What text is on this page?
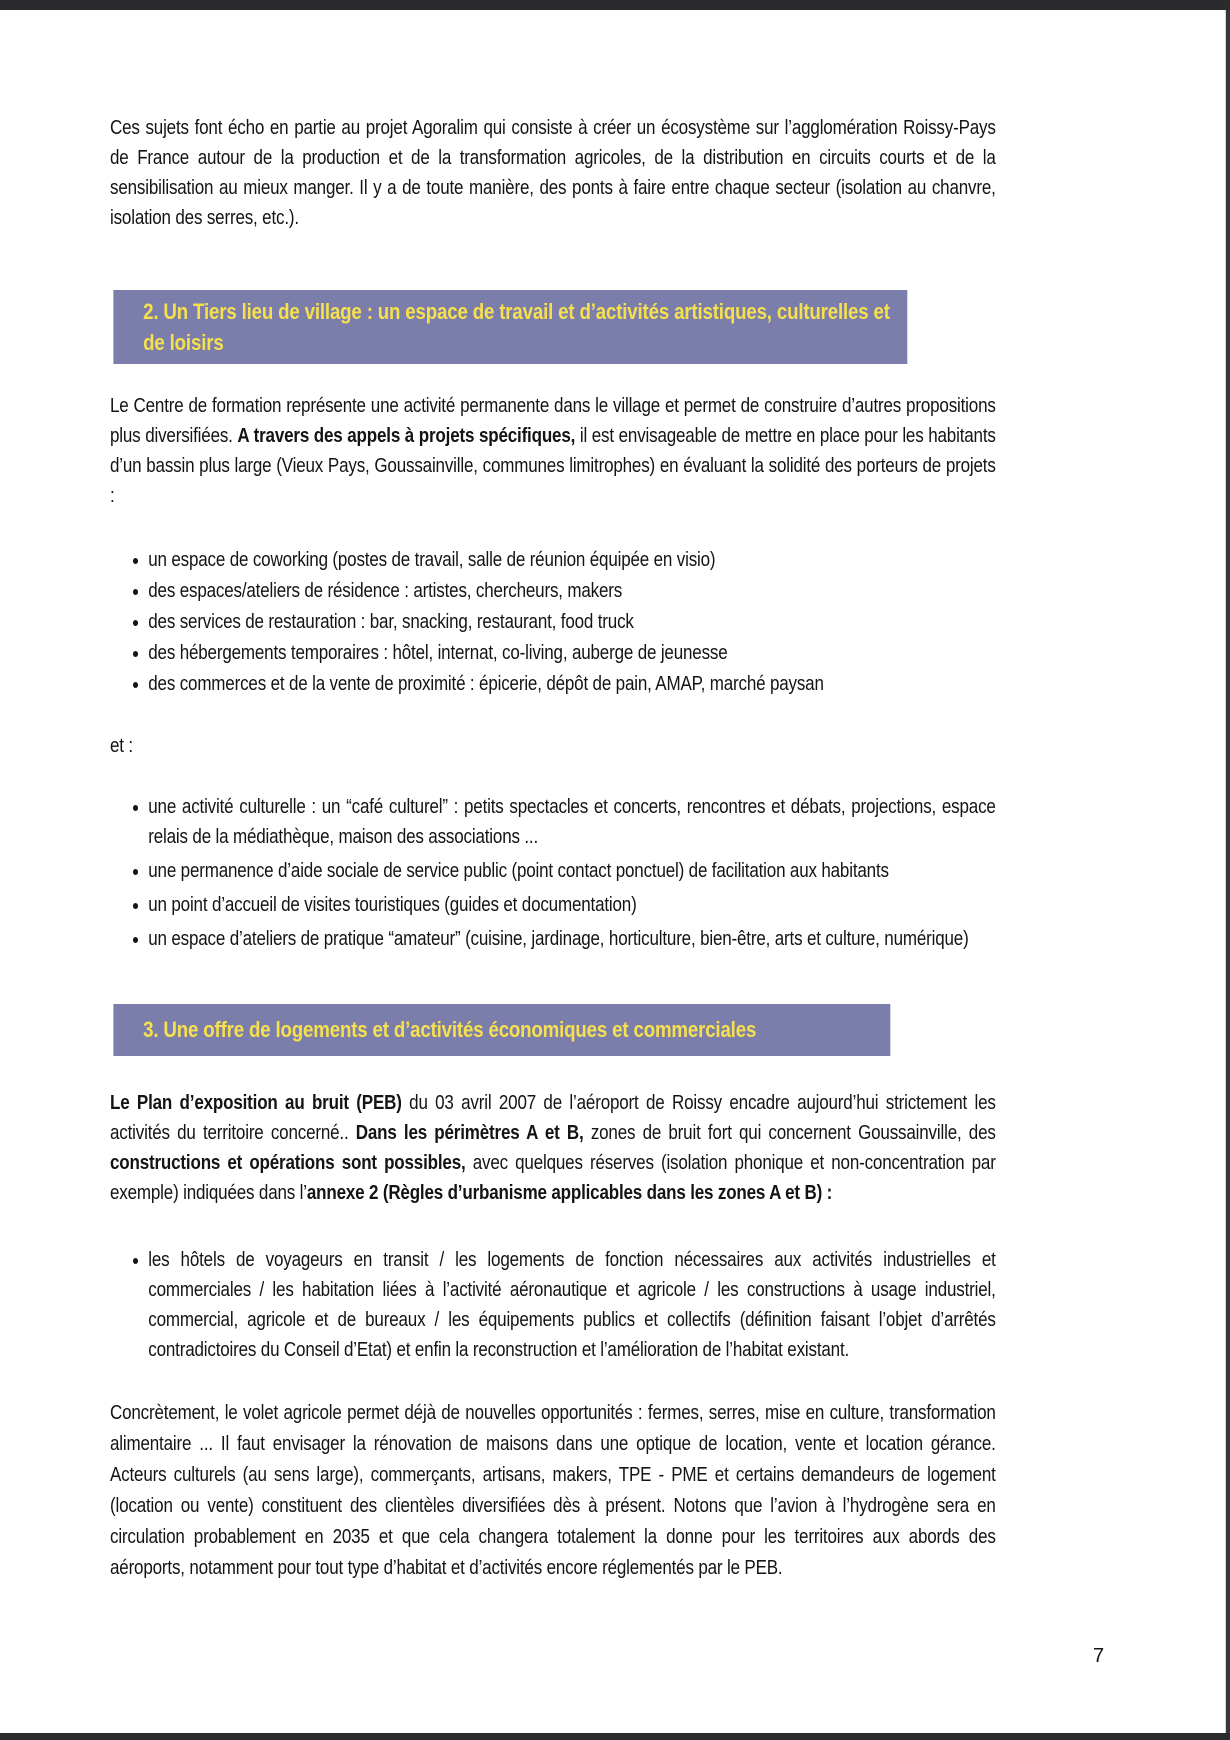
Ces sujets font écho en partie au projet Agoralim qui consiste à créer un écosystème sur l’agglomération Roissy-Pays de France autour de la production et de la transformation agricoles, de la distribution en circuits courts et de la sensibilisation au mieux manger. Il y a de toute manière, des ponts à faire entre chaque secteur (isolation au chanvre, isolation des serres, etc.).

2. Un Tiers lieu de village : un espace de travail et d’activités artistiques, culturelles et de loisirs

Le Centre de formation représente une activité permanente dans le village et permet de construire d’autres propositions plus diversifiées. A travers des appels à projets spécifiques, il est envisageable de mettre en place pour les habitants d’un bassin plus large (Vieux Pays, Goussainville, communes limitrophes) en évaluant la solidité des porteurs de projets :

• un espace de coworking (postes de travail, salle de réunion équipée en visio)
• des espaces/ateliers de résidence : artistes, chercheurs, makers
• des services de restauration : bar, snacking, restaurant, food truck
• des hébergements temporaires : hôtel, internat, co-living, auberge de jeunesse
• des commerces et de la vente de proximité : épicerie, dépôt de pain, AMAP, marché paysan

et :

• une activité culturelle : un “café culturel” : petits spectacles et concerts, rencontres et débats, projections, espace relais de la médiathèque, maison des associations ...
• une permanence d’aide sociale de service public (point contact ponctuel) de facilitation aux habitants
• un point d’accueil de visites touristiques (guides et documentation)
• un espace d’ateliers de pratique “amateur” (cuisine, jardinage, horticulture, bien-être, arts et culture, numérique)
3. Une offre de logements et d’activités économiques et commerciales

Le Plan d’exposition au bruit (PEB) du 03 avril 2007 de l’aéroport de Roissy encadre aujourd’hui strictement les activités du territoire concerné.. Dans les périmètres A et B, zones de bruit fort qui concernent Goussainville, des constructions et opérations sont possibles, avec quelques réserves (isolation phonique et non-concentration par exemple) indiquées dans l’annexe 2 (Règles d’urbanisme applicables dans les zones A et B) :

• les hôtels de voyageurs en transit / les logements de fonction nécessaires aux activités industrielles et commerciales / les habitation liées à l’activité aéronautique et agricole / les constructions à usage industriel, commercial, agricole et de bureaux / les équipements publics et collectifs (définition faisant l’objet d’arrêtés contradictoires du Conseil d’Etat) et enfin la reconstruction et l’amélioration de l’habitat existant.

Concrètement, le volet agricole permet déjà de nouvelles opportunités : fermes, serres, mise en culture, transformation alimentaire ... Il faut envisager la rénovation de maisons dans une optique de location, vente et location gérance. Acteurs culturels (au sens large), commerçants, artisans, makers, TPE - PME et certains demandeurs de logement (location ou vente) constituent des clientèles diversifiées dès à présent. Notons que l’avion à l’hydrogène sera en circulation probablement en 2035 et que cela changera totalement la donne pour les territoires aux abords des aéroports, notamment pour tout type d’habitat et d’activités encore réglementés par le PEB.

7
